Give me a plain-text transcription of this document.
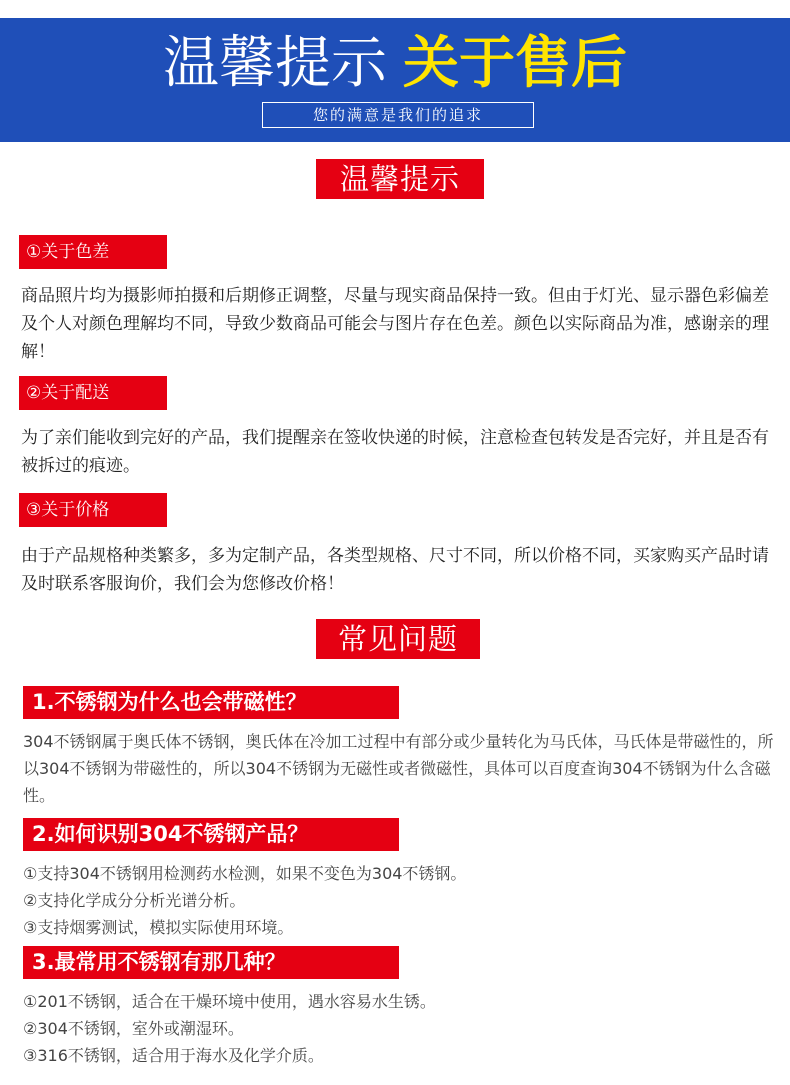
温馨提示 关于售后
您的满意是我们的追求
温馨提示
①关于色差
商品照片均为摄影师拍摄和后期修正调整，尽量与现实商品保持一致。但由于灯光、显示器色彩偏差及个人对颜色理解均不同，导致少数商品可能会与图片存在色差。颜色以实际商品为准，感谢亲的理解！
②关于配送
为了亲们能收到完好的产品，我们提醒亲在签收快递的时候，注意检查包转发是否完好，并且是否有被拆过的痕迹。
③关于价格
由于产品规格种类繁多，多为定制产品，各类型规格、尺寸不同，所以价格不同，买家购买产品时请及时联系客服询价，我们会为您修改价格！
常见问题
1.不锈钢为什么也会带磁性？
304不锈钢属于奥氏体不锈钢，奥氏体在冷加工过程中有部分或少量转化为马氏体，马氏体是带磁性的，所以304不锈钢为带磁性的，所以304不锈钢为无磁性或者微磁性，具体可以百度查询304不锈钢为什么含磁性。
2.如何识别304不锈钢产品？
①支持304不锈钢用检测药水检测，如果不变色为304不锈钢。
②支持化学成分分析光谱分析。
③支持烟雾测试，模拟实际使用环境。
3.最常用不锈钢有那几种？
①201不锈钢，适合在干燥环境中使用，遇水容易水生锈。
②304不锈钢，室外或潮湿环。
③316不锈钢，适合用于海水及化学介质。
